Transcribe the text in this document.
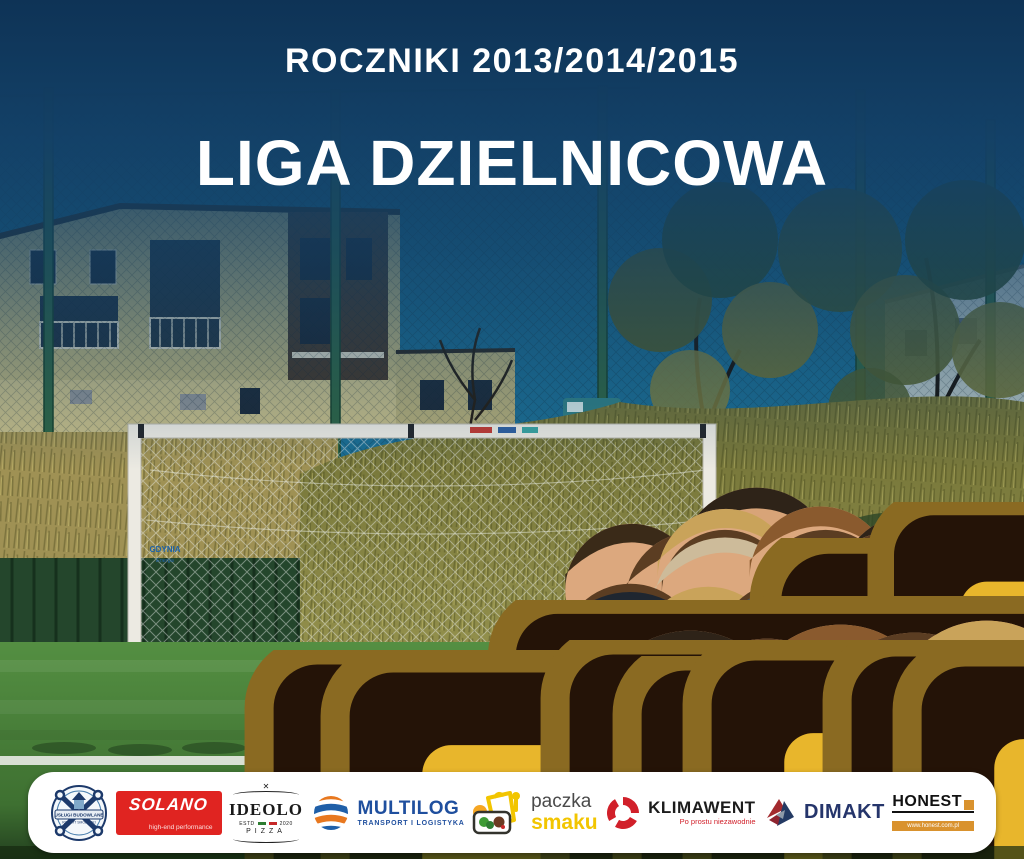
GDYNIA
Energa
ROCZNIKI 2013/2014/2015
LIGA DZIELNICOWA
USŁUGI BUDOWLANE
ROBERT SMOLIŃSKI
SOLANO
high-end performance
✕
IDEOLO
ESTD	2020
PIZZA
MULTILOG
TRANSPORT I LOGISTYKA
paczka
smaku
KLIMAWENT
Po prostu niezawodnie DIMAKT HONEST
www.honest.com.pl
